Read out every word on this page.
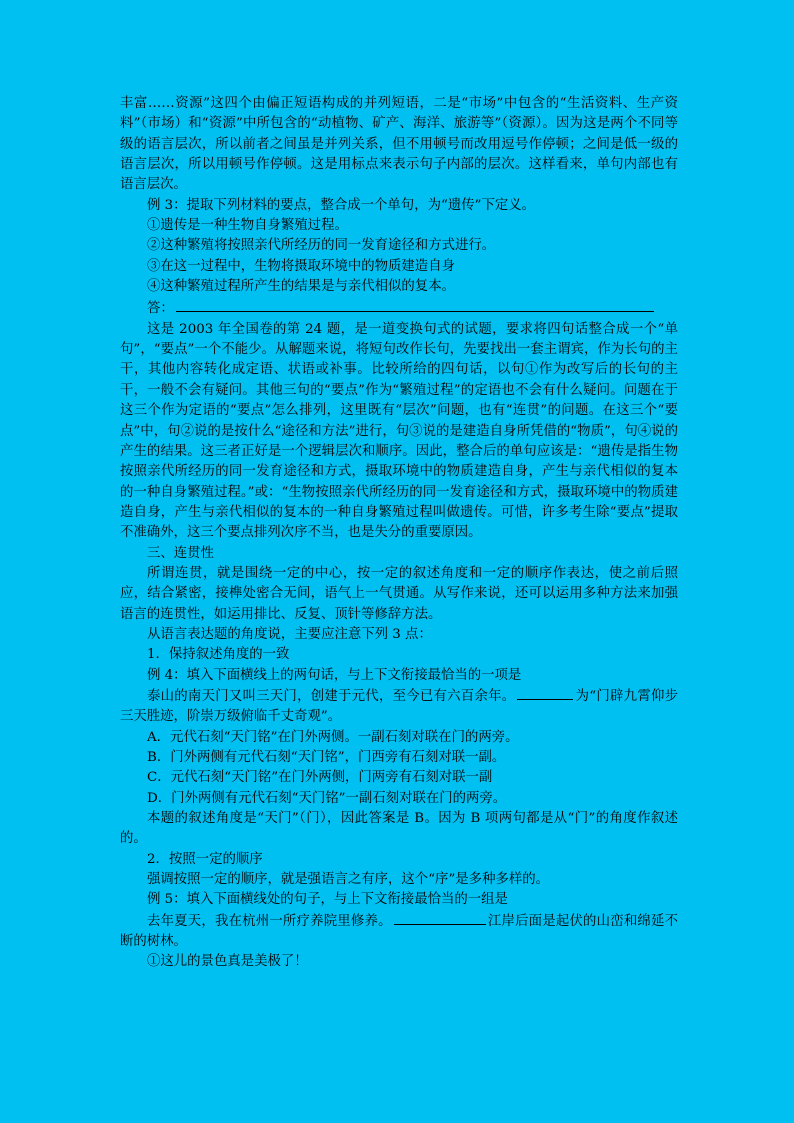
丰富……资源”这四个由偏正短语构成的并列短语，二是“市场”中包含的“生活资料、生产资料”（市场）和“资源”中所包含的“动植物、矿产、海洋、旅游等”（资源）。因为这是两个不同等级的语言层次，所以前者之间虽是并列关系，但不用顿号而改用逗号作停顿；之间是低一级的语言层次，所以用顿号作停顿。这是用标点来表示句子内部的层次。这样看来，单句内部也有语言层次。

例 3：提取下列材料的要点，整合成一个单句，为“遗传”下定义。

①遗传是一种生物自身繁殖过程。

②这种繁殖将按照亲代所经历的同一发育途径和方式进行。

③在这一过程中，生物将摄取环境中的物质建造自身

④这种繁殖过程所产生的结果是与亲代相似的复本。

答：

这是 2003 年全国卷的第 24 题，是一道变换句式的试题，要求将四句话整合成一个“单句”，“要点”一个不能少。从解题来说，将短句改作长句，先要找出一套主谓宾，作为长句的主干，其他内容转化成定语、状语或补事。比较所给的四句话，以句①作为改写后的长句的主干，一般不会有疑问。其他三句的“要点”作为“繁殖过程”的定语也不会有什么疑问。问题在于这三个作为定语的“要点”怎么排列，这里既有“层次”问题，也有“连贯”的问题。在这三个“要点”中，句②说的是按什么“途径和方法”进行，句③说的是建造自身所凭借的“物质”，句④说的产生的结果。这三者正好是一个逻辑层次和顺序。因此，整合后的单句应该是：“遗传是指生物按照亲代所经历的同一发育途径和方式，摄取环境中的物质建造自身，产生与亲代相似的复本的一种自身繁殖过程。”或：“生物按照亲代所经历的同一发育途径和方式，摄取环境中的物质建造自身，产生与亲代相似的复本的一种自身繁殖过程叫做遗传。可惜，许多考生除“要点”提取不准确外，这三个要点排列次序不当，也是失分的重要原因。

三、连贯性

所谓连贯，就是围绕一定的中心，按一定的叙述角度和一定的顺序作表达，使之前后照应，结合紧密，接榫处密合无间，语气上一气贯通。从写作来说，还可以运用多种方法来加强语言的连贯性，如运用排比、反复、顶针等修辞方法。

从语言表达题的角度说，主要应注意下列 3 点：

1．保持叙述角度的一致

例 4：填入下面横线上的两句话，与上下文衔接最恰当的一项是

泰山的南天门又叫三天门，创建于元代，至今已有六百余年。	为“门辟九霄仰步三天胜迹，阶崇万级俯临千丈奇观”。

A．元代石刻“天门铭”在门外两侧。一副石刻对联在门的两旁。

B．门外两侧有元代石刻“天门铭”，门西旁有石刻对联一副。

C．元代石刻“天门铭”在门外两侧，门两旁有石刻对联一副

D．门外两侧有元代石刻“天门铭”一副石刻对联在门的两旁。

本题的叙述角度是“天门”（门），因此答案是 B。因为 B 项两句都是从“门”的角度作叙述的。

2．按照一定的顺序

强调按照一定的顺序，就是强语言之有序，这个“序”是多种多样的。

例 5：填入下面横线处的句子，与上下文衔接最恰当的一组是

去年夏天，我在杭州一所疗养院里修养。	江岸后面是起伏的山峦和绵延不断的树林。

①这儿的景色真是美极了！
